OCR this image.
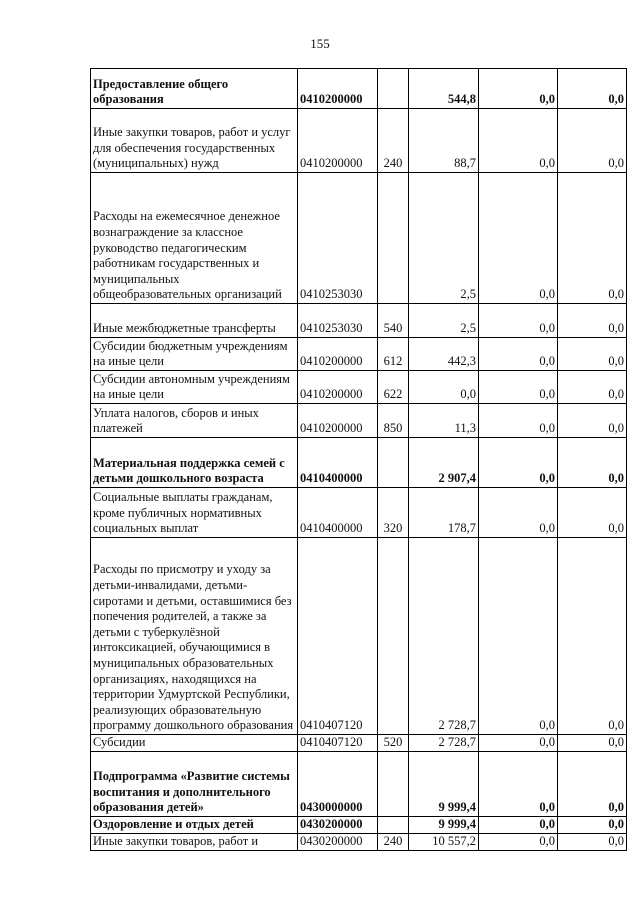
155
Предоставление общего образования	0410200000		544,8	0,0	0,0
Иные закупки товаров, работ и услуг для обеспечения государственных (муниципальных) нужд	0410200000	240	88,7	0,0	0,0
Расходы на ежемесячное денежное вознаграждение за классное руководство педагогическим работникам государственных и муниципальных общеобразовательных организаций	0410253030		2,5	0,0	0,0
Иные межбюджетные трансферты	0410253030	540	2,5	0,0	0,0
Субсидии бюджетным учреждениям на иные цели	0410200000	612	442,3	0,0	0,0
Субсидии автономным учреждениям на иные цели	0410200000	622	0,0	0,0	0,0
Уплата налогов, сборов и иных платежей	0410200000	850	11,3	0,0	0,0
Материальная поддержка семей с детьми дошкольного возраста	0410400000		2 907,4	0,0	0,0
Социальные выплаты гражданам, кроме публичных нормативных социальных выплат	0410400000	320	178,7	0,0	0,0
Расходы по присмотру и уходу за детьми-инвалидами, детьми-сиротами и детьми, оставшимися без попечения родителей, а также за детьми с туберкулёзной интоксикацией, обучающимися в муниципальных образовательных организациях, находящихся на территории Удмуртской Республики, реализующих образовательную программу дошкольного образования	0410407120		2 728,7	0,0	0,0
Субсидии	0410407120	520	2 728,7	0,0	0,0
Подпрограмма «Развитие системы воспитания и дополнительного образования детей»	0430000000		9 999,4	0,0	0,0
Оздоровление и отдых детей	0430200000		9 999,4	0,0	0,0
Иные закупки товаров, работ и	0430200000	240	10 557,2	0,0	0,0
